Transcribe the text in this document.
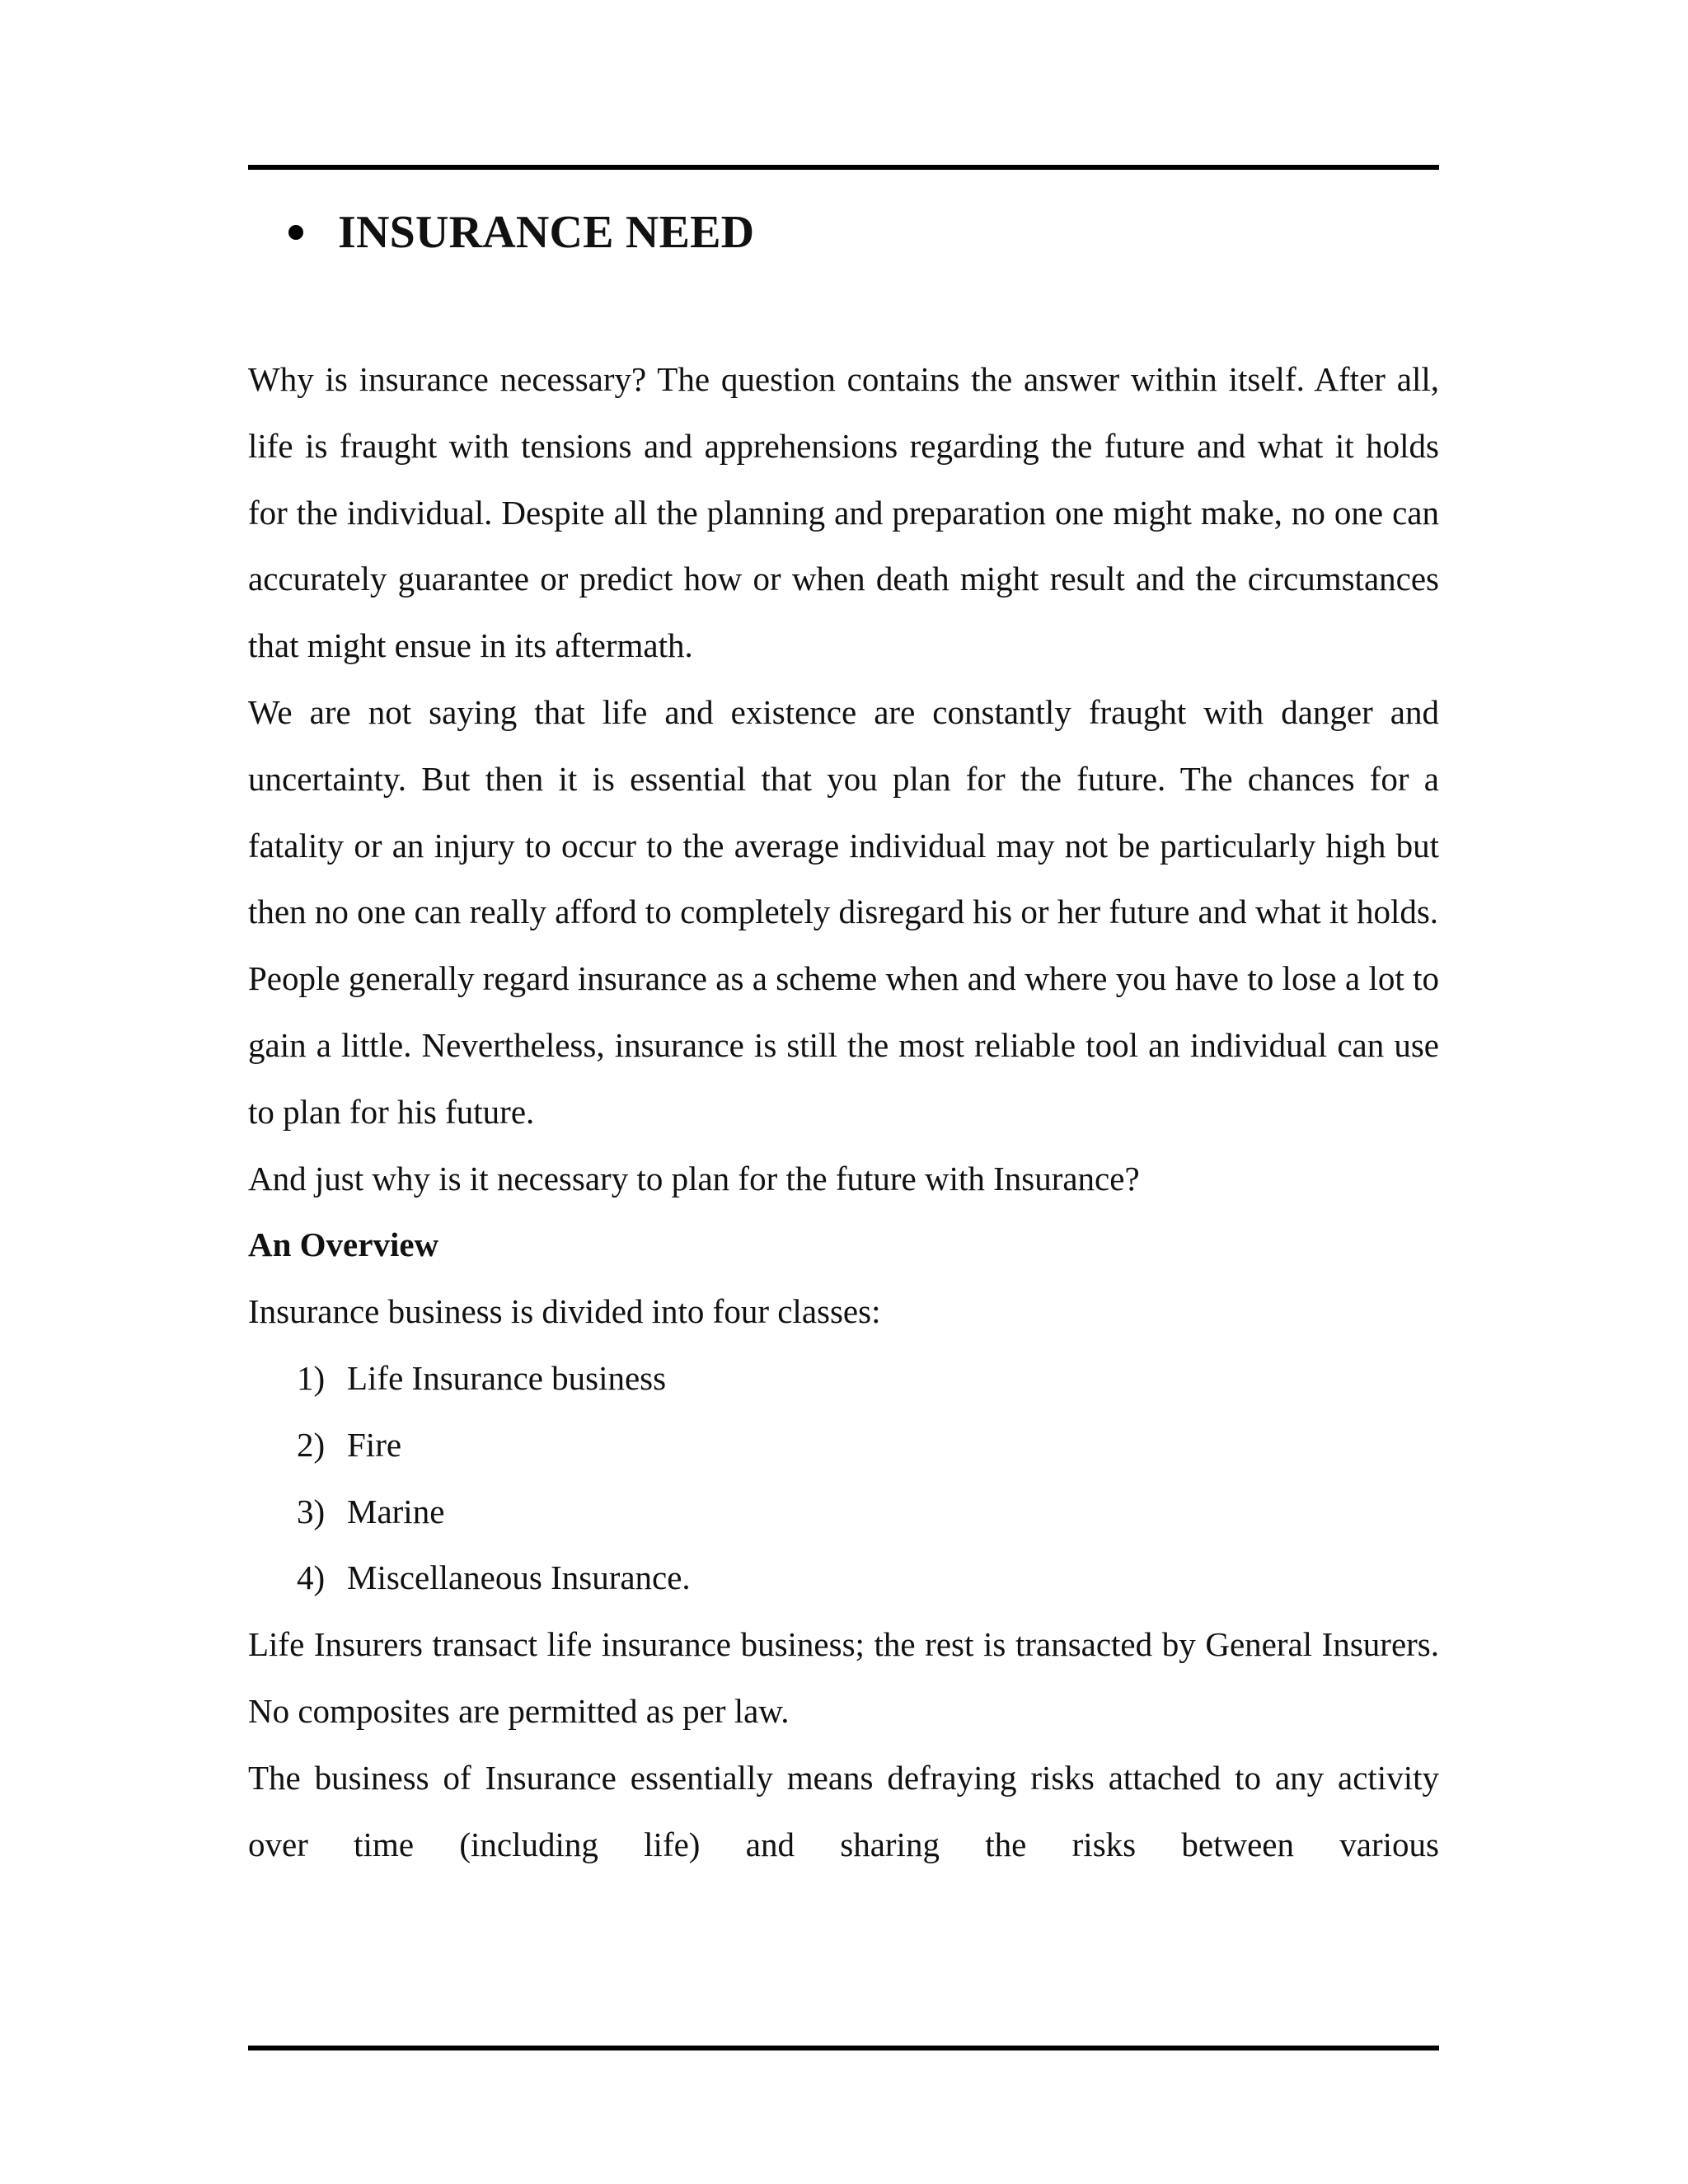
INSURANCE NEED

Why is insurance necessary? The question contains the answer within itself. After all, life is fraught with tensions and apprehensions regarding the future and what it holds for the individual. Despite all the planning and preparation one might make, no one can accurately guarantee or predict how or when death might result and the circumstances that might ensue in its aftermath.

We are not saying that life and existence are constantly fraught with danger and uncertainty. But then it is essential that you plan for the future. The chances for a fatality or an injury to occur to the average individual may not be particularly high but then no one can really afford to completely disregard his or her future and what it holds.

People generally regard insurance as a scheme when and where you have to lose a lot to gain a little. Nevertheless, insurance is still the most reliable tool an individual can use to plan for his future.

And just why is it necessary to plan for the future with Insurance?

An Overview

Insurance business is divided into four classes:

1) Life Insurance business
2) Fire
3) Marine
4) Miscellaneous Insurance.

Life Insurers transact life insurance business; the rest is transacted by General Insurers. No composites are permitted as per law.

The business of Insurance essentially means defraying risks attached to any activity over time (including life) and sharing the risks between various
